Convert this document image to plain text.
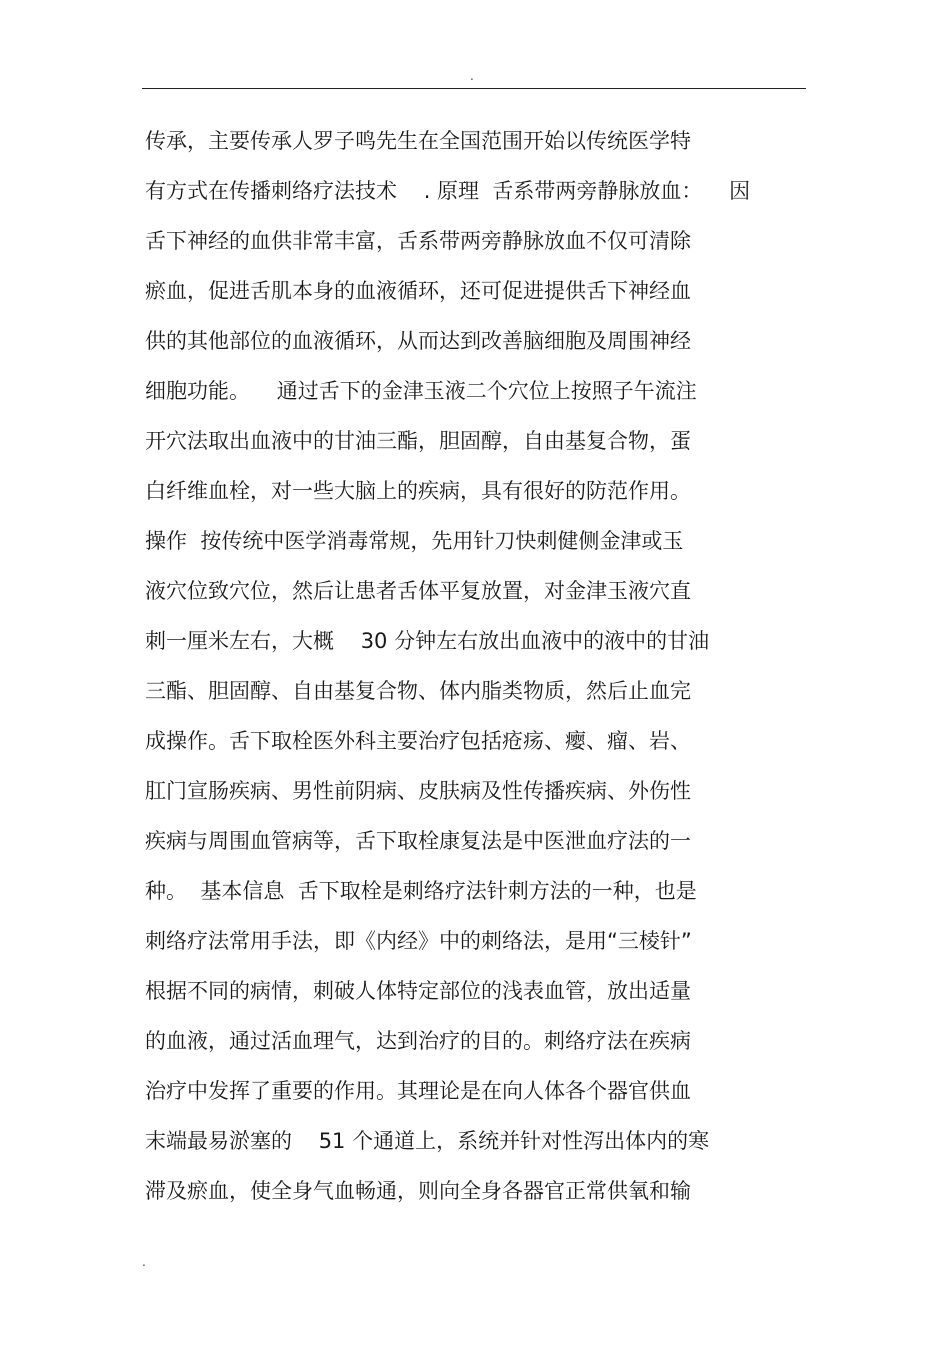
.
传承，主要传承人罗子鸣先生在全国范围开始以传统医学特
有方式在传播刺络疗法技术    . 原理  舌系带两旁静脉放血：    因
舌下神经的血供非常丰富，舌系带两旁静脉放血不仅可清除
瘀血，促进舌肌本身的血液循环，还可促进提供舌下神经血
供的其他部位的血液循环，从而达到改善脑细胞及周围神经
细胞功能。    通过舌下的金津玉液二个穴位上按照子午流注
开穴法取出血液中的甘油三酯，胆固醇，自由基复合物，蛋
白纤维血栓，对一些大脑上的疾病，具有很好的防范作用。
操作  按传统中医学消毒常规，先用针刀快刺健侧金津或玉
液穴位致穴位，然后让患者舌体平复放置，对金津玉液穴直
刺一厘米左右，大概    30 分钟左右放出血液中的液中的甘油
三酯、胆固醇、自由基复合物、体内脂类物质，然后止血完
成操作。舌下取栓医外科主要治疗包括疮疡、瘿、瘤、岩、
肛门宣肠疾病、男性前阴病、皮肤病及性传播疾病、外伤性
疾病与周围血管病等，舌下取栓康复法是中医泄血疗法的一
种。  基本信息  舌下取栓是刺络疗法针刺方法的一种，也是
刺络疗法常用手法，即《内经》中的刺络法，是用“三棱针”
根据不同的病情，刺破人体特定部位的浅表血管，放出适量
的血液，通过活血理气，达到治疗的目的。刺络疗法在疾病
治疗中发挥了重要的作用。其理论是在向人体各个器官供血
末端最易淤塞的    51 个通道上，系统并针对性泻出体内的寒
滞及瘀血，使全身气血畅通，则向全身各器官正常供氧和输
.
